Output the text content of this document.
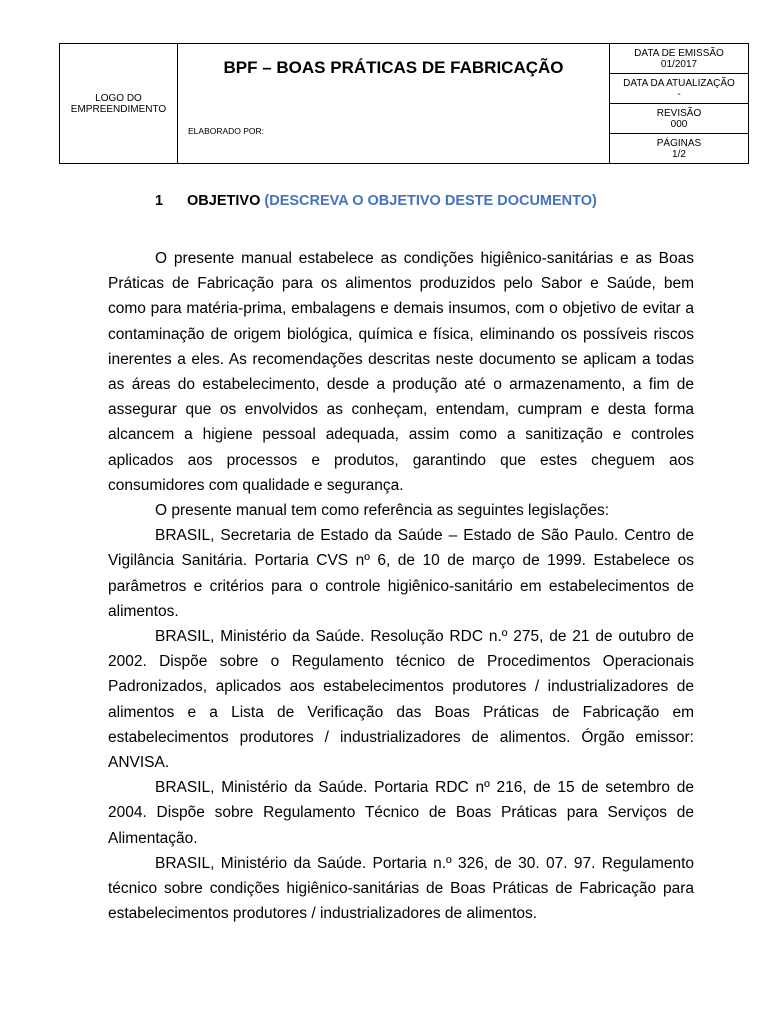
LOGO DO EMPREENDIMENTO	
BPF – BOAS PRÁTICAS DE FABRICAÇÃO
ELABORADO POR:

DATA DE EMISSÃO
01/2017

DATA DA ATUALIZAÇÃO
-

REVISÃO
000

PÁGINAS
1/2
1 OBJETIVO (DESCREVA O OBJETIVO DESTE DOCUMENTO)

O presente manual estabelece as condições higiênico-sanitárias e as Boas Práticas de Fabricação para os alimentos produzidos pelo Sabor e Saúde, bem como para matéria-prima, embalagens e demais insumos, com o objetivo de evitar a contaminação de origem biológica, química e física, eliminando os possíveis riscos inerentes a eles. As recomendações descritas neste documento se aplicam a todas as áreas do estabelecimento, desde a produção até o armazenamento, a fim de assegurar que os envolvidos as conheçam, entendam, cumpram e desta forma alcancem a higiene pessoal adequada, assim como a sanitização e controles aplicados aos processos e produtos, garantindo que estes cheguem aos consumidores com qualidade e segurança.

O presente manual tem como referência as seguintes legislações:

BRASIL, Secretaria de Estado da Saúde – Estado de São Paulo. Centro de Vigilância Sanitária. Portaria CVS nº 6, de 10 de março de 1999. Estabelece os parâmetros e critérios para o controle higiênico-sanitário em estabelecimentos de alimentos.

BRASIL, Ministério da Saúde. Resolução RDC n.º 275, de 21 de outubro de 2002. Dispõe sobre o Regulamento técnico de Procedimentos Operacionais Padronizados, aplicados aos estabelecimentos produtores / industrializadores de alimentos e a Lista de Verificação das Boas Práticas de Fabricação em estabelecimentos produtores / industrializadores de alimentos. Órgão emissor: ANVISA.

BRASIL, Ministério da Saúde. Portaria RDC nº 216, de 15 de setembro de 2004. Dispõe sobre Regulamento Técnico de Boas Práticas para Serviços de Alimentação.

BRASIL, Ministério da Saúde. Portaria n.º 326, de 30. 07. 97. Regulamento técnico sobre condições higiênico-sanitárias de Boas Práticas de Fabricação para estabelecimentos produtores / industrializadores de alimentos.
